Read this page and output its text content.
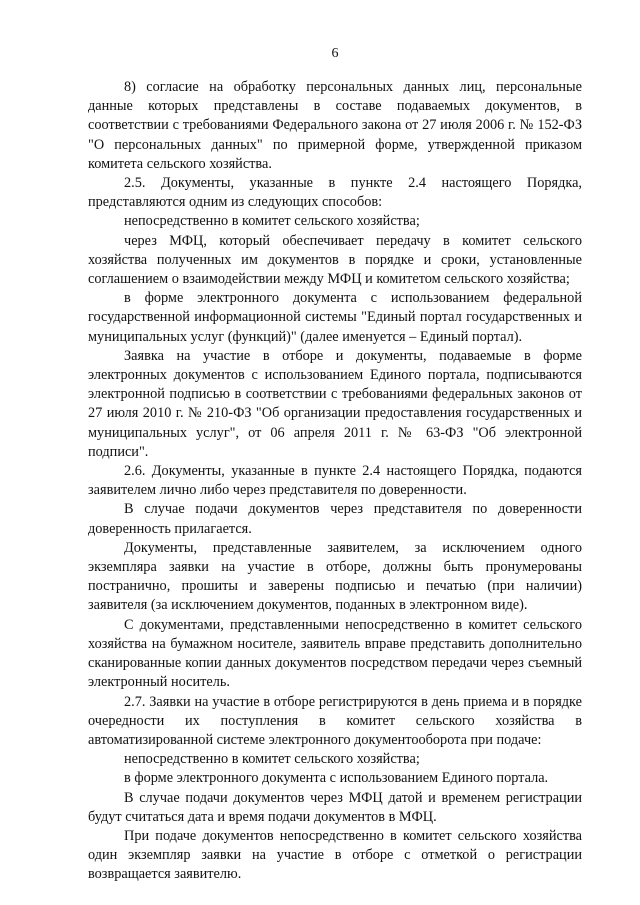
6

8) согласие на обработку персональных данных лиц, персональные данные которых представлены в составе подаваемых документов, в соответствии с требованиями Федерального закона от 27 июля 2006 г. № 152-ФЗ "О персональных данных" по примерной форме, утвержденной приказом комитета сельского хозяйства.

2.5. Документы, указанные в пункте 2.4 настоящего Порядка, представляются одним из следующих способов:

непосредственно в комитет сельского хозяйства;

через МФЦ, который обеспечивает передачу в комитет сельского хозяйства полученных им документов в порядке и сроки, установленные соглашением о взаимодействии между МФЦ и комитетом сельского хозяйства;

в форме электронного документа с использованием федеральной государственной информационной системы "Единый портал государственных и муниципальных услуг (функций)" (далее именуется – Единый портал).

Заявка на участие в отборе и документы, подаваемые в форме электронных документов с использованием Единого портала, подписываются электронной подписью в соответствии с требованиями федеральных законов от 27 июля 2010 г. № 210-ФЗ "Об организации предоставления государственных и муниципальных услуг", от 06 апреля 2011 г. № 63-ФЗ "Об электронной подписи".

2.6. Документы, указанные в пункте 2.4 настоящего Порядка, подаются заявителем лично либо через представителя по доверенности.

В случае подачи документов через представителя по доверенности доверенность прилагается.

Документы, представленные заявителем, за исключением одного экземпляра заявки на участие в отборе, должны быть пронумерованы постранично, прошиты и заверены подписью и печатью (при наличии) заявителя (за исключением документов, поданных в электронном виде).

С документами, представленными непосредственно в комитет сельского хозяйства на бумажном носителе, заявитель вправе представить дополнительно сканированные копии данных документов посредством передачи через съемный электронный носитель.

2.7. Заявки на участие в отборе регистрируются в день приема и в порядке очередности их поступления в комитет сельского хозяйства в автоматизированной системе электронного документооборота при подаче:

непосредственно в комитет сельского хозяйства;

в форме электронного документа с использованием Единого портала.

В случае подачи документов через МФЦ датой и временем регистрации будут считаться дата и время подачи документов в МФЦ.

При подаче документов непосредственно в комитет сельского хозяйства один экземпляр заявки на участие в отборе с отметкой о регистрации возвращается заявителю.
